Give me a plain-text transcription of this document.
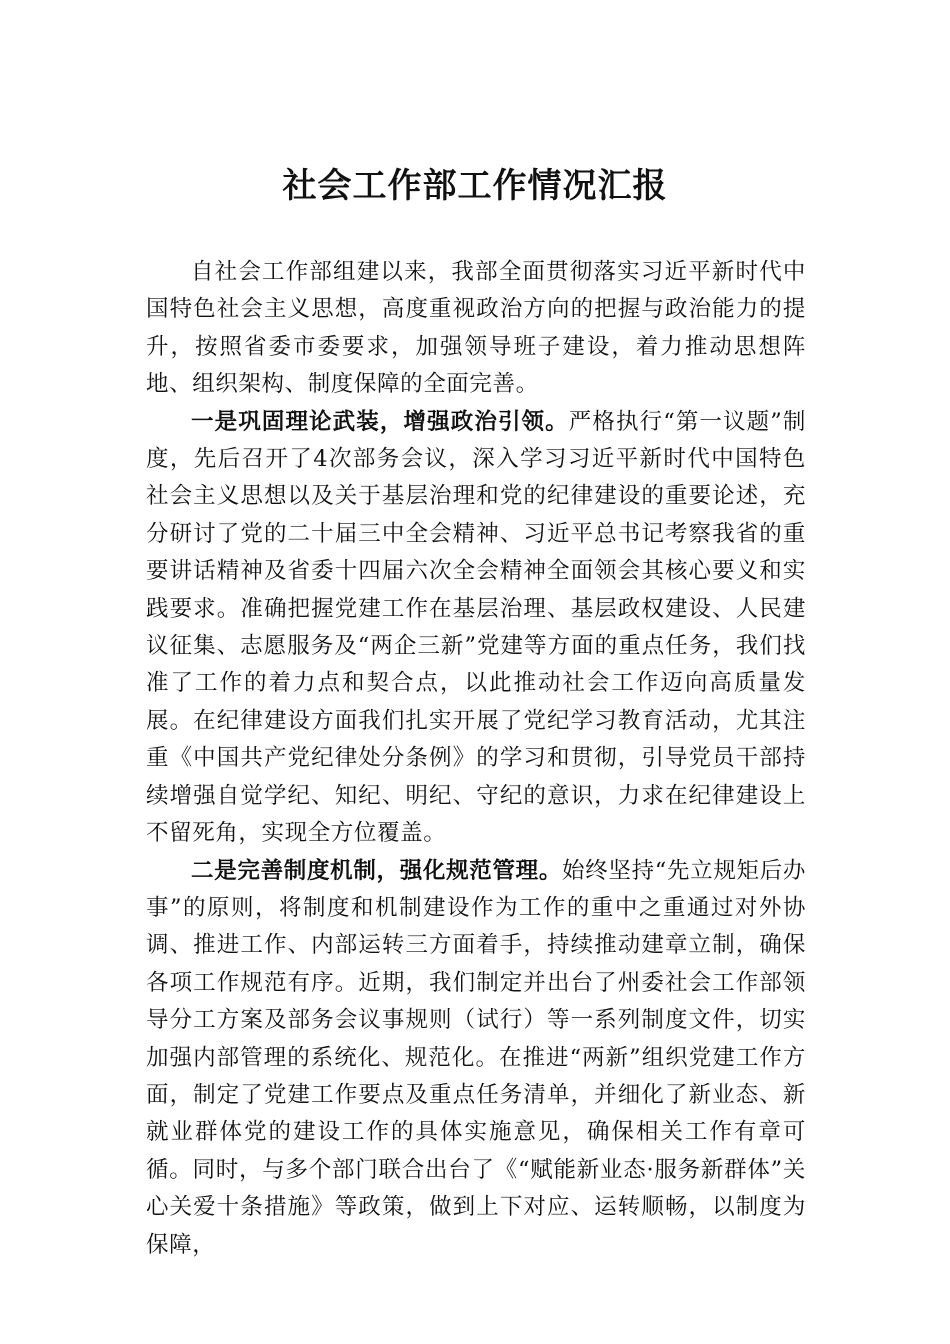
社会工作部工作情况汇报

自社会工作部组建以来，我部全面贯彻落实习近平新时代中国特色社会主义思想，高度重视政治方向的把握与政治能力的提升，按照省委市委要求，加强领导班子建设，着力推动思想阵地、组织架构、制度保障的全面完善。

一是巩固理论武装，增强政治引领。严格执行“第一议题”制度，先后召开了4次部务会议，深入学习习近平新时代中国特色社会主义思想以及关于基层治理和党的纪律建设的重要论述，充分研讨了党的二十届三中全会精神、习近平总书记考察我省的重要讲话精神及省委十四届六次全会精神全面领会其核心要义和实践要求。准确把握党建工作在基层治理、基层政权建设、人民建议征集、志愿服务及“两企三新”党建等方面的重点任务，我们找准了工作的着力点和契合点，以此推动社会工作迈向高质量发展。在纪律建设方面我们扎实开展了党纪学习教育活动，尤其注重《中国共产党纪律处分条例》的学习和贯彻，引导党员干部持续增强自觉学纪、知纪、明纪、守纪的意识，力求在纪律建设上不留死角，实现全方位覆盖。

二是完善制度机制，强化规范管理。始终坚持“先立规矩后办事”的原则，将制度和机制建设作为工作的重中之重通过对外协调、推进工作、内部运转三方面着手，持续推动建章立制，确保各项工作规范有序。近期，我们制定并出台了州委社会工作部领导分工方案及部务会议事规则（试行）等一系列制度文件，切实加强内部管理的系统化、规范化。在推进“两新”组织党建工作方面，制定了党建工作要点及重点任务清单，并细化了新业态、新就业群体党的建设工作的具体实施意见，确保相关工作有章可循。同时，与多个部门联合出台了《“赋能新业态·服务新群体”关心关爱十条措施》等政策，做到上下对应、运转顺畅，以制度为保障，
